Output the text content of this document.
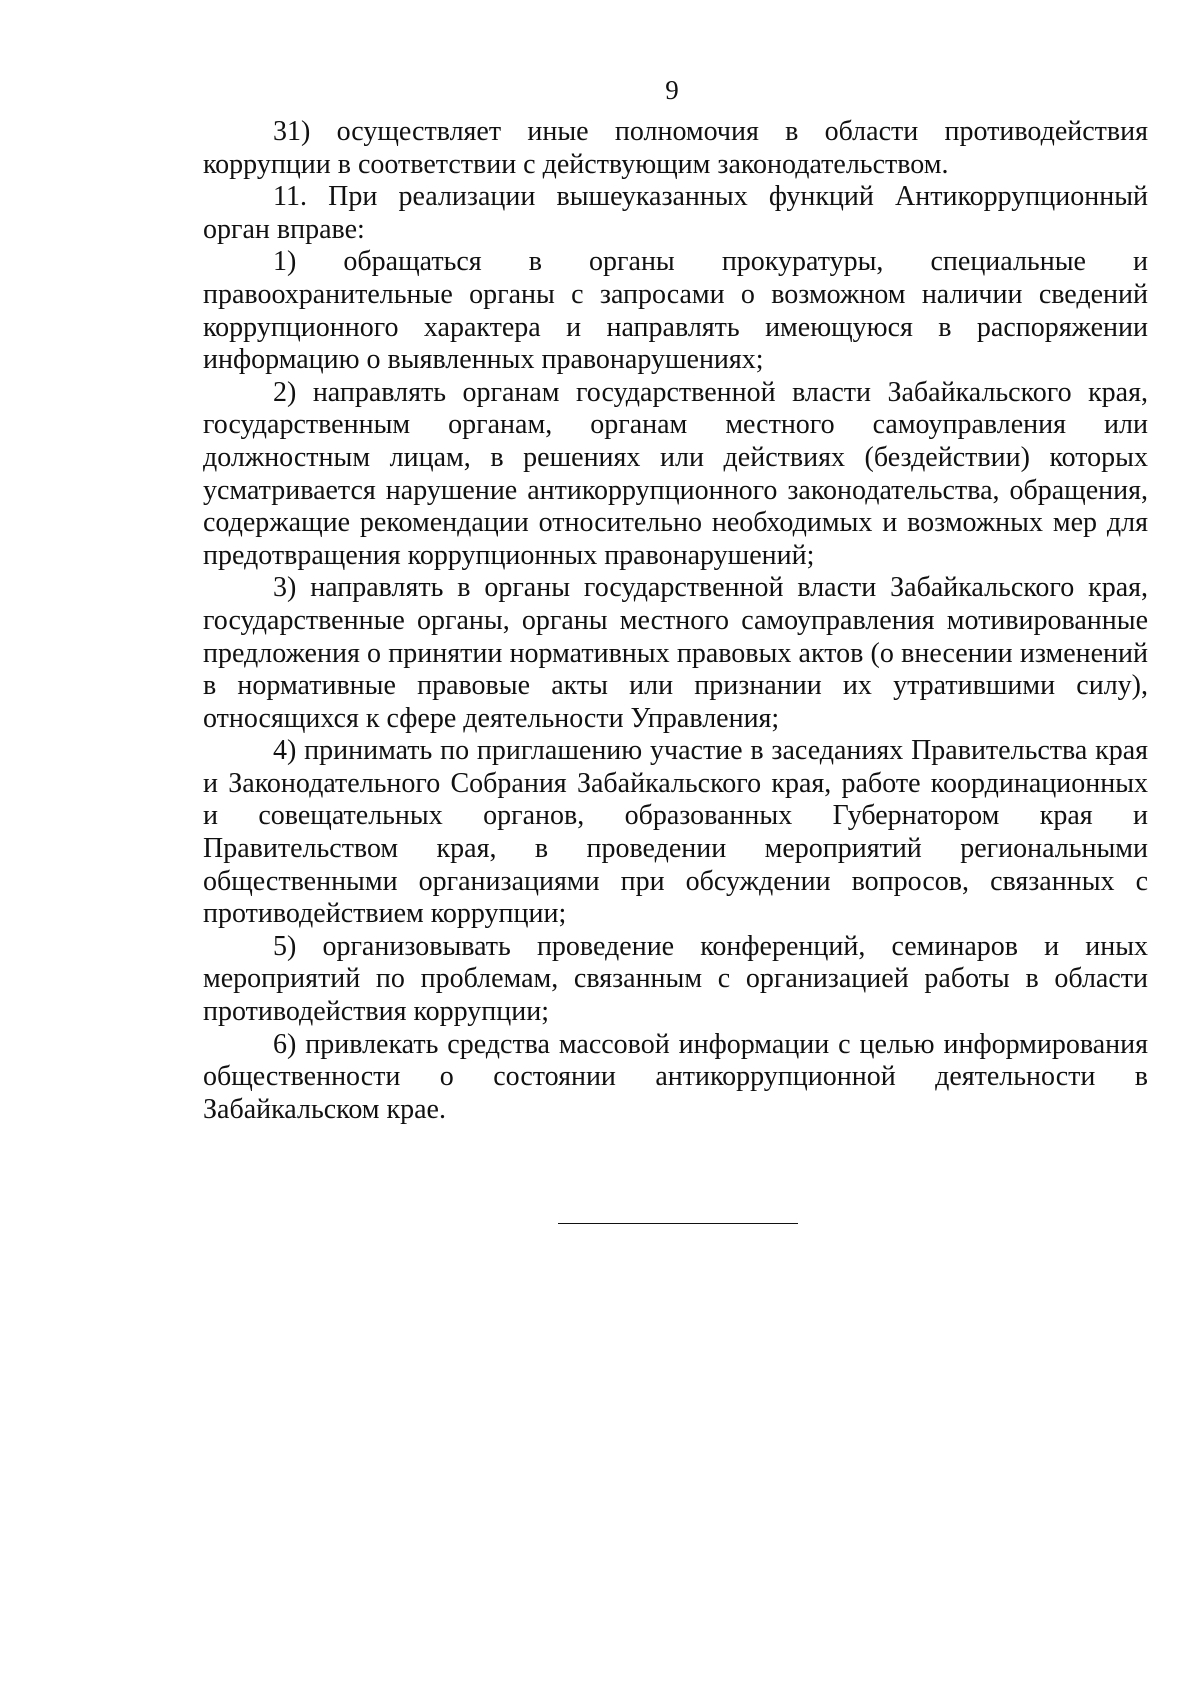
9

31) осуществляет иные полномочия в области противодействия коррупции в соответствии с действующим законодательством.

11. При реализации вышеуказанных функций Антикоррупционный орган вправе:

1) обращаться в органы прокуратуры, специальные и правоохранительные органы с запросами о возможном наличии сведений коррупционного характера и направлять имеющуюся в распоряжении информацию о выявленных правонарушениях;

2) направлять органам государственной власти Забайкальского края, государственным органам, органам местного самоуправления или должностным лицам, в решениях или действиях (бездействии) которых усматривается нарушение антикоррупционного законодательства, обращения, содержащие рекомендации относительно необходимых и возможных мер для предотвращения коррупционных правонарушений;

3) направлять в органы государственной власти Забайкальского края, государственные органы, органы местного самоуправления мотивированные предложения о принятии нормативных правовых актов (о внесении изменений в нормативные правовые акты или признании их утратившими силу), относящихся к сфере деятельности Управления;

4) принимать по приглашению участие в заседаниях Правительства края и Законодательного Собрания Забайкальского края, работе координационных и совещательных органов, образованных Губернатором края и Правительством края, в проведении мероприятий региональными общественными организациями при обсуждении вопросов, связанных с противодействием коррупции;

5) организовывать проведение конференций, семинаров и иных мероприятий по проблемам, связанным с организацией работы в области противодействия коррупции;

6) привлекать средства массовой информации с целью информирования общественности о состоянии антикоррупционной деятельности в Забайкальском крае.
